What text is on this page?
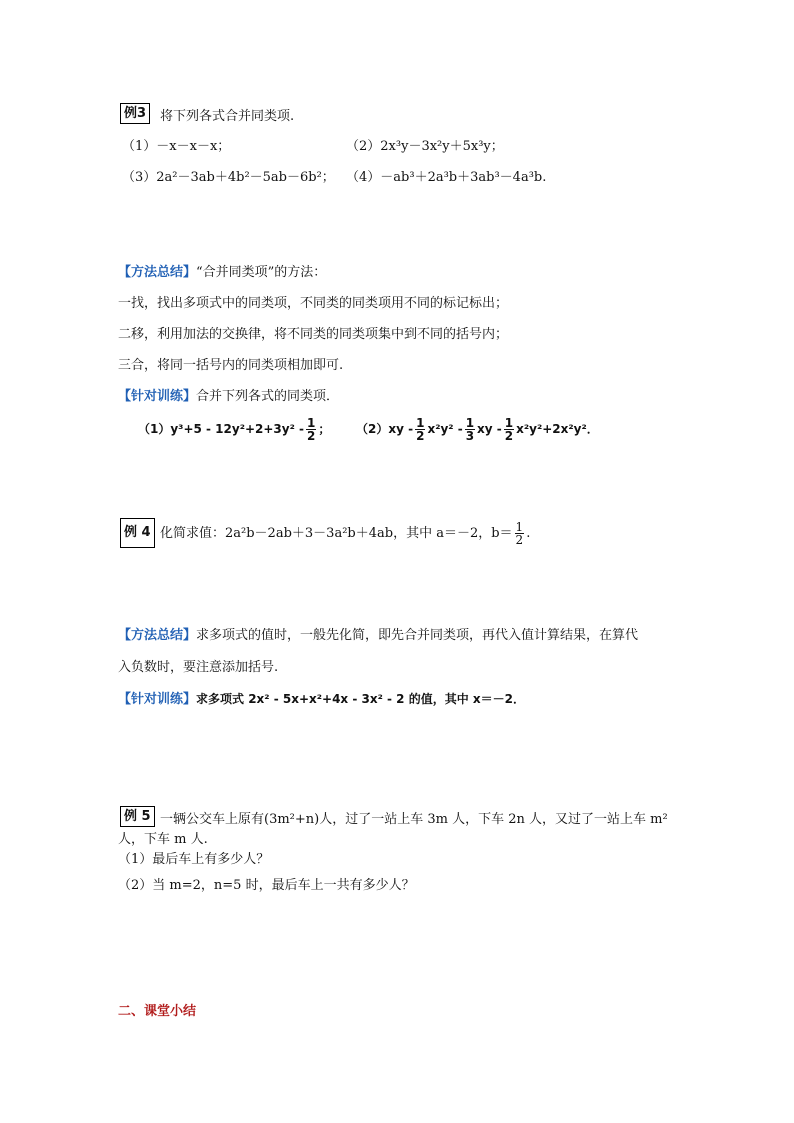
例3	将下列各式合并同类项.
（1）－x－x－x；	（2）2x³y－3x²y＋5x³y；
（3）2a²－3ab＋4b²－5ab－6b²； （4）－ab³＋2a³b＋3ab³－4a³b.
【方法总结】“合并同类项”的方法：
一找，找出多项式中的同类项，不同类的同类项用不同的标记标出；
二移，利用加法的交换律，将不同类的同类项集中到不同的括号内；
三合，将同一括号内的同类项相加即可.
【针对训练】合并下列各式的同类项．
$(1)y^3+5 - 12y^2+2+3y^2 - \frac{1}{2}$ ； $(2)xy - \frac{1}{2} x^2y^2 - \frac{1}{3}$ xy - $\frac{1}{2} x^2y^2+2x^2y^2$．
例 4 化简求值：2a²b－2ab＋3－3a²b＋4ab，其中 a＝－2，$b= \frac{1}{2}$ .
【方法总结】求多项式的值时，一般先化简，即先合并同类项，再代入值计算结果，在算代
入负数时，要注意添加括号.
【针对训练】求多项式 2x² - 5x+x²+4x - 3x² - 2 的值，其中 x＝－2．
例 5 一辆公交车上原有(3m²+n)人，过了一站上车 3m 人，下车 2n 人，又过了一站上车 m²
人，下车 m 人.
（1）最后车上有多少人？
（2）当 m=2，n=5 时，最后车上一共有多少人？
二、课堂小结
